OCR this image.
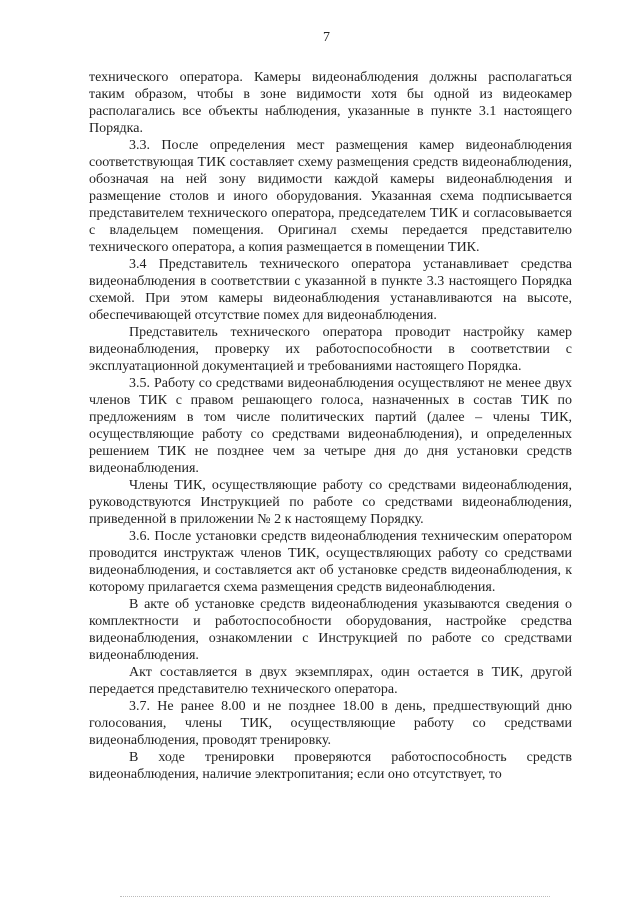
7

технического оператора. Камеры видеонаблюдения должны располагаться таким образом, чтобы в зоне видимости хотя бы одной из видеокамер располагались все объекты наблюдения, указанные в пункте 3.1 настоящего Порядка.

3.3. После определения мест размещения камер видеонаблюдения соответствующая ТИК составляет схему размещения средств видеонаблюдения, обозначая на ней зону видимости каждой камеры видеонаблюдения и размещение столов и иного оборудования. Указанная схема подписывается представителем технического оператора, председателем ТИК и согласовывается с владельцем помещения. Оригинал схемы передается представителю технического оператора, а копия размещается в помещении ТИК.

3.4 Представитель технического оператора устанавливает средства видеонаблюдения в соответствии с указанной в пункте 3.3 настоящего Порядка схемой. При этом камеры видеонаблюдения устанавливаются на высоте, обеспечивающей отсутствие помех для видеонаблюдения.

Представитель технического оператора проводит настройку камер видеонаблюдения, проверку их работоспособности в соответствии с эксплуатационной документацией и требованиями настоящего Порядка.

3.5. Работу со средствами видеонаблюдения осуществляют не менее двух членов ТИК с правом решающего голоса, назначенных в состав ТИК по предложениям в том числе политических партий (далее – члены ТИК, осуществляющие работу со средствами видеонаблюдения), и определенных решением ТИК не позднее чем за четыре дня до дня установки средств видеонаблюдения.

Члены ТИК, осуществляющие работу со средствами видеонаблюдения, руководствуются Инструкцией по работе со средствами видеонаблюдения, приведенной в приложении № 2 к настоящему Порядку.

3.6. После установки средств видеонаблюдения техническим оператором проводится инструктаж членов ТИК, осуществляющих работу со средствами видеонаблюдения, и составляется акт об установке средств видеонаблюдения, к которому прилагается схема размещения средств видеонаблюдения.

В акте об установке средств видеонаблюдения указываются сведения о комплектности и работоспособности оборудования, настройке средства видеонаблюдения, ознакомлении с Инструкцией по работе со средствами видеонаблюдения.

Акт составляется в двух экземплярах, один остается в ТИК, другой передается представителю технического оператора.

3.7. Не ранее 8.00 и не позднее 18.00 в день, предшествующий дню голосования, члены ТИК, осуществляющие работу со средствами видеонаблюдения, проводят тренировку.

В ходе тренировки проверяются работоспособность средств видеонаблюдения, наличие электропитания; если оно отсутствует, то
